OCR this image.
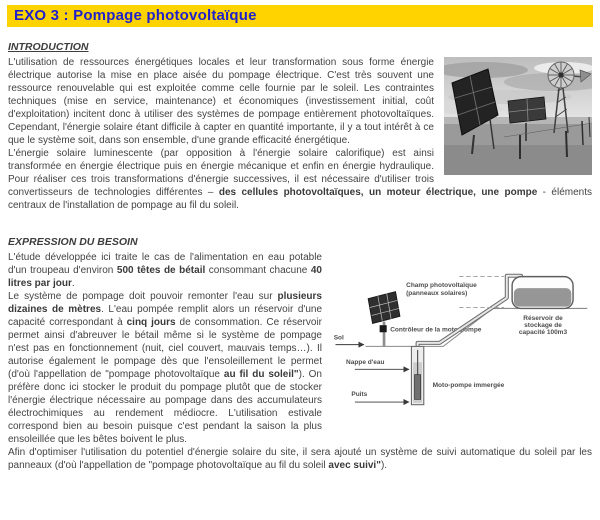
EXO 3 : Pompage photovoltaïque
INTRODUCTION

L'utilisation de ressources énergétiques locales et leur transformation sous forme énergie électrique autorise la mise en place aisée du pompage électrique. C'est très souvent une ressource renouvelable qui est exploitée comme celle fournie par le soleil. Les contraintes techniques (mise en service, maintenance) et économiques (investissement initial, coût d'exploitation) incitent donc à utiliser des systèmes de pompage entièrement photovoltaïques. Cependant, l'énergie solaire étant difficile à capter en quantité importante, il y a tout intérêt à ce que le système soit, dans son ensemble, d'une grande efficacité énergétique.

L'énergie solaire luminescente (par opposition à l'énergie solaire calorifique) est ainsi transformée en énergie électrique puis en énergie mécanique et enfin en énergie hydraulique. Pour réaliser ces trois transformations d'énergie successives, il est nécessaire d'utiliser trois convertisseurs de technologies différentes – des cellules photovoltaïques, un moteur électrique, une pompe - éléments centraux de l'installation de pompage au fil du soleil.

EXPRESSION DU BESOIN
Champ photovoltaïque
(panneaux solaires)
Contrôleur de la moto-pompe
Sol
Réservoir de
stockage de
capacité 100m3
Nappe d'eau
Puits
Moto-pompe immergée

L'étude développée ici traite le cas de l'alimentation en eau potable d'un troupeau d'environ 500 têtes de bétail consommant chacune 40 litres par jour.

Le système de pompage doit pouvoir remonter l'eau sur plusieurs dizaines de mètres. L'eau pompée remplit alors un réservoir d'une capacité correspondant à cinq jours de consommation. Ce réservoir permet ainsi d'abreuver le bétail même si le système de pompage n'est pas en fonctionnement (nuit, ciel couvert, mauvais temps…). Il autorise également le pompage dès que l'ensoleillement le permet (d'où l'appellation de "pompage photovoltaïque au fil du soleil"). On préfère donc ici stocker le produit du pompage plutôt que de stocker l'énergie électrique nécessaire au pompage dans des accumulateurs électrochimiques au rendement médiocre. L'utilisation estivale correspond bien au besoin puisque c'est pendant la saison la plus ensoleillée que les bêtes boivent le plus.

Afin d'optimiser l'utilisation du potentiel d'énergie solaire du site, il sera ajouté un système de suivi automatique du soleil par les panneaux (d'où l'appellation de "pompage photovoltaïque au fil du soleil avec suivi").
